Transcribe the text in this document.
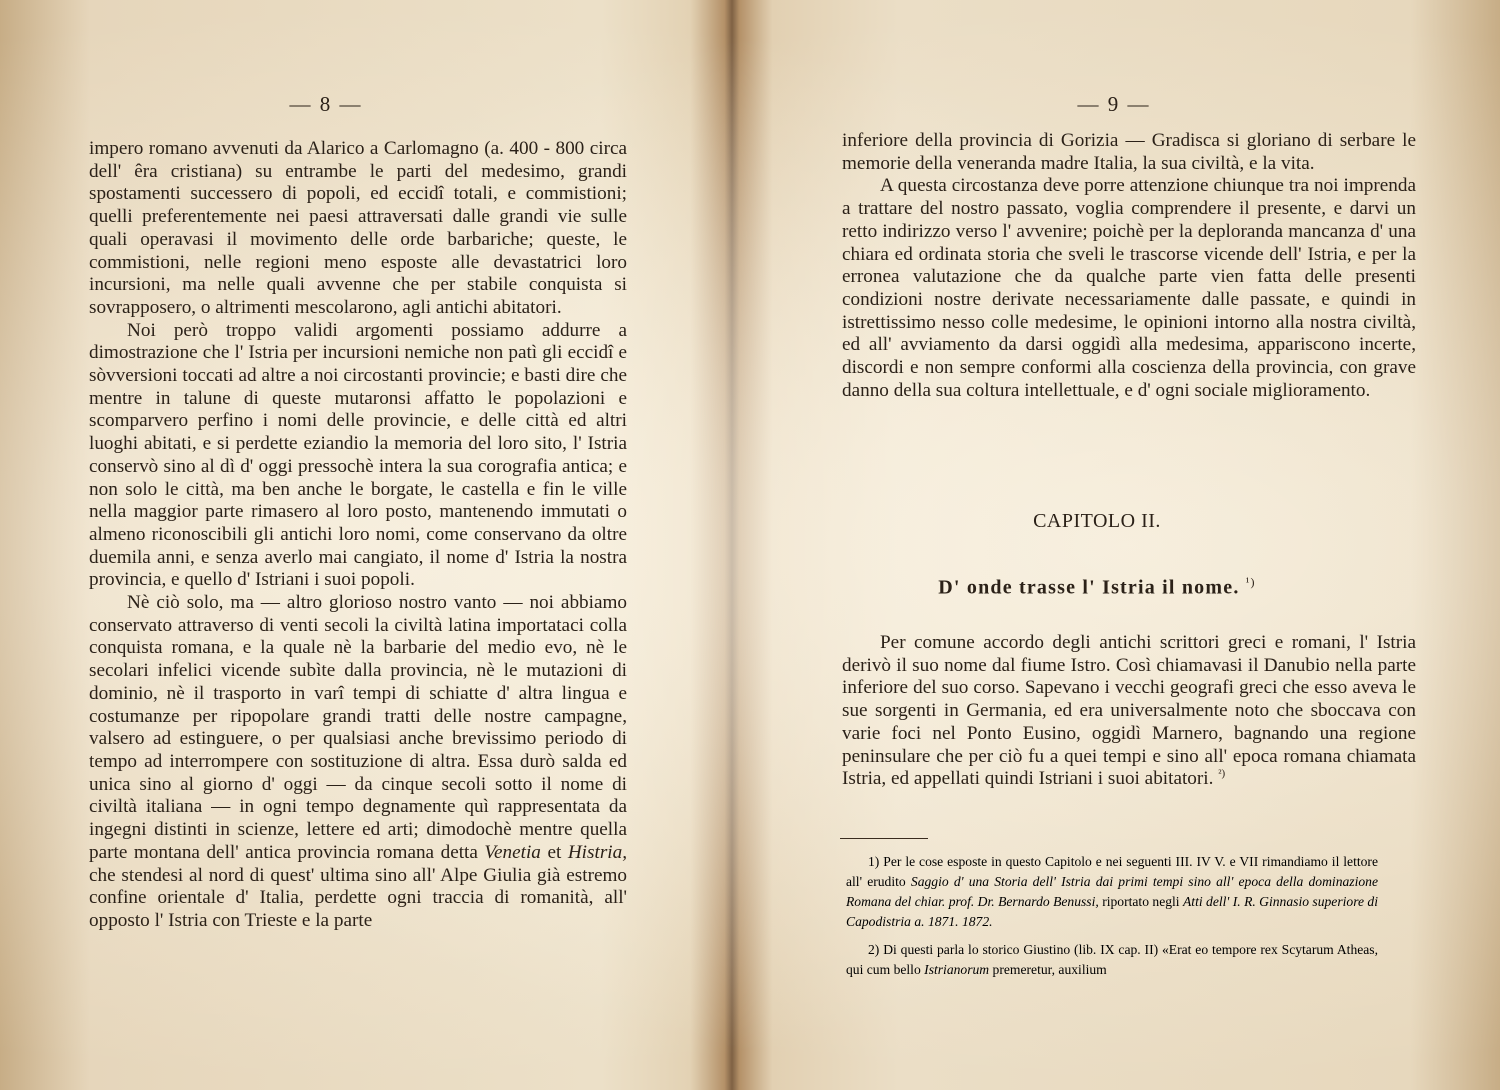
— 8 —

impero romano avvenuti da Alarico a Carlomagno (a. 400 - 800 circa dell' êra cristiana) su entrambe le parti del medesimo, grandi spostamenti successero di popoli, ed eccidî totali, e commistioni; quelli preferentemente nei paesi attraversati dalle grandi vie sulle quali operavasi il movimento delle orde barbariche; queste, le commistioni, nelle regioni meno esposte alle devastatrici loro incursioni, ma nelle quali avvenne che per stabile conquista si sovrapposero, o altrimenti mescolarono, agli antichi abitatori.

Noi però troppo validi argomenti possiamo addurre a dimostrazione che l' Istria per incursioni nemiche non patì gli eccidî e sòvversioni toccati ad altre a noi circostanti provincie; e basti dire che mentre in talune di queste mutaronsi affatto le popolazioni e scomparvero perfino i nomi delle provincie, e delle città ed altri luoghi abitati, e si perdette eziandio la memoria del loro sito, l' Istria conservò sino al dì d' oggi pressochè intera la sua corografia antica; e non solo le città, ma ben anche le borgate, le castella e fin le ville nella maggior parte rimasero al loro posto, mantenendo immutati o almeno riconoscibili gli antichi loro nomi, come conservano da oltre duemila anni, e senza averlo mai cangiato, il nome d' Istria la nostra provincia, e quello d' Istriani i suoi popoli.

Nè ciò solo, ma — altro glorioso nostro vanto — noi abbiamo conservato attraverso di venti secoli la civiltà latina importataci colla conquista romana, e la quale nè la barbarie del medio evo, nè le secolari infelici vicende subìte dalla provincia, nè le mutazioni di dominio, nè il trasporto in varî tempi di schiatte d' altra lingua e costumanze per ripopolare grandi tratti delle nostre campagne, valsero ad estinguere, o per qualsiasi anche brevissimo periodo di tempo ad interrompere con sostituzione di altra. Essa durò salda ed unica sino al giorno d' oggi — da cinque secoli sotto il nome di civiltà italiana — in ogni tempo degnamente quì rappresentata da ingegni distinti in scienze, lettere ed arti; dimodochè mentre quella parte montana dell' antica provincia romana detta Venetia et Histria, che stendesi al nord di quest' ultima sino all' Alpe Giulia già estremo confine orientale d' Italia, perdette ogni traccia di romanità, all' opposto l' Istria con Trieste e la parte

— 9 —

inferiore della provincia di Gorizia — Gradisca si gloriano di serbare le memorie della veneranda madre Italia, la sua civiltà, e la vita.

A questa circostanza deve porre attenzione chiunque tra noi imprenda a trattare del nostro passato, voglia comprendere il presente, e darvi un retto indirizzo verso l' avvenire; poichè per la deploranda mancanza d' una chiara ed ordinata storia che sveli le trascorse vicende dell' Istria, e per la erronea valutazione che da qualche parte vien fatta delle presenti condizioni nostre derivate necessariamente dalle passate, e quindi in istrettissimo nesso colle medesime, le opinioni intorno alla nostra civiltà, ed all' avviamento da darsi oggidì alla medesima, appariscono incerte, discordi e non sempre conformi alla coscienza della provincia, con grave danno della sua coltura intellettuale, e d' ogni sociale miglioramento.

CAPITOLO II.
D' onde trasse l' Istria il nome. $^{^1)}$

Per comune accordo degli antichi scrittori greci e romani, l' Istria derivò il suo nome dal fiume Istro. Così chiamavasi il Danubio nella parte inferiore del suo corso. Sapevano i vecchi geografi greci che esso aveva le sue sorgenti in Germania, ed era universalmente noto che sboccava con varie foci nel Ponto Eusino, oggidì Marnero, bagnando una regione peninsulare che per ciò fu a quei tempi e sino all' epoca romana chiamata Istria, ed appellati quindi Istriani i suoi abitatori. $^{^2)}$

1) Per le cose esposte in questo Capitolo e nei seguenti III. IV V. e VII rimandiamo il lettore all' erudito Saggio d' una Storia dell' Istria dai primi tempi sino all' epoca della dominazione Romana del chiar. prof. Dr. Bernardo Benussi, riportato negli Atti dell' I. R. Ginnasio superiore di Capodistria a. 1871. 1872.

2) Di questi parla lo storico Giustino (lib. IX cap. II) «Erat eo tempore rex Scytarum Atheas, qui cum bello Istrianorum premeretur, auxilium
